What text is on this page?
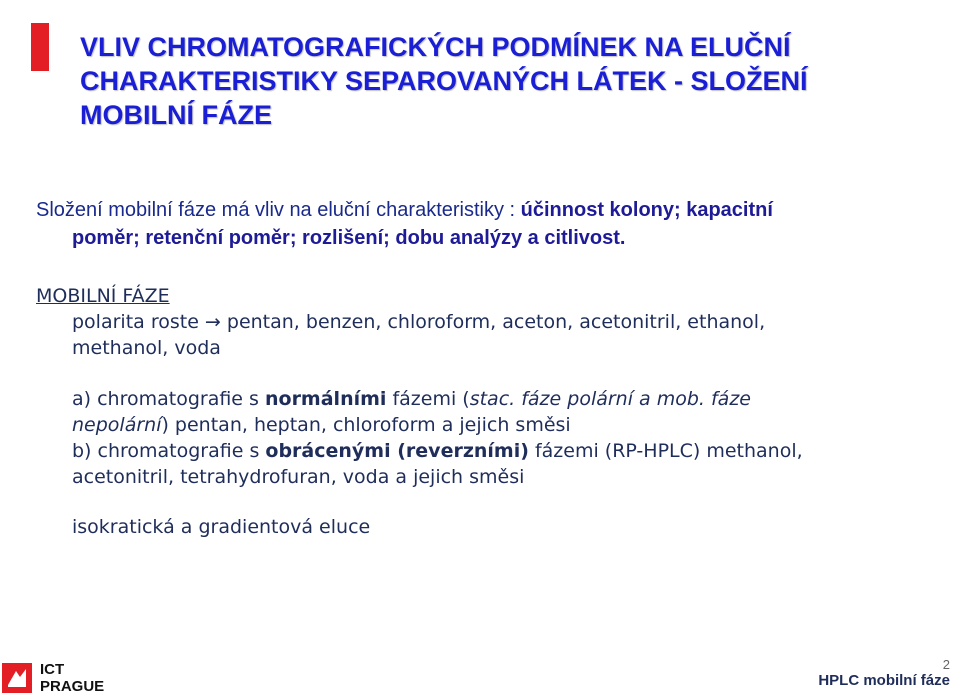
VLIV CHROMATOGRAFICKÝCH PODMÍNEK NA ELUČNÍ
CHARAKTERISTIKY SEPAROVANÝCH LÁTEK - SLOŽENÍ
MOBILNÍ FÁZE
Složení mobilní fáze má vliv na eluční charakteristiky : účinnost kolony; kapacitní
poměr; retenční poměr; rozlišení; dobu analýzy a citlivost.
MOBILNÍ FÁZE
polarita roste → pentan, benzen, chloroform, aceton, acetonitril, ethanol,
methanol, voda
a) chromatografie s normálními fázemi (stac. fáze polární a mob. fáze
nepolární) pentan, heptan, chloroform a jejich směsi
b) chromatografie s obrácenými (reverzními) fázemi (RP-HPLC) methanol,
acetonitril, tetrahydrofuran, voda a jejich směsi
isokratická a gradientová eluce
ICT
PRAGUE
2
HPLC mobilní fáze
